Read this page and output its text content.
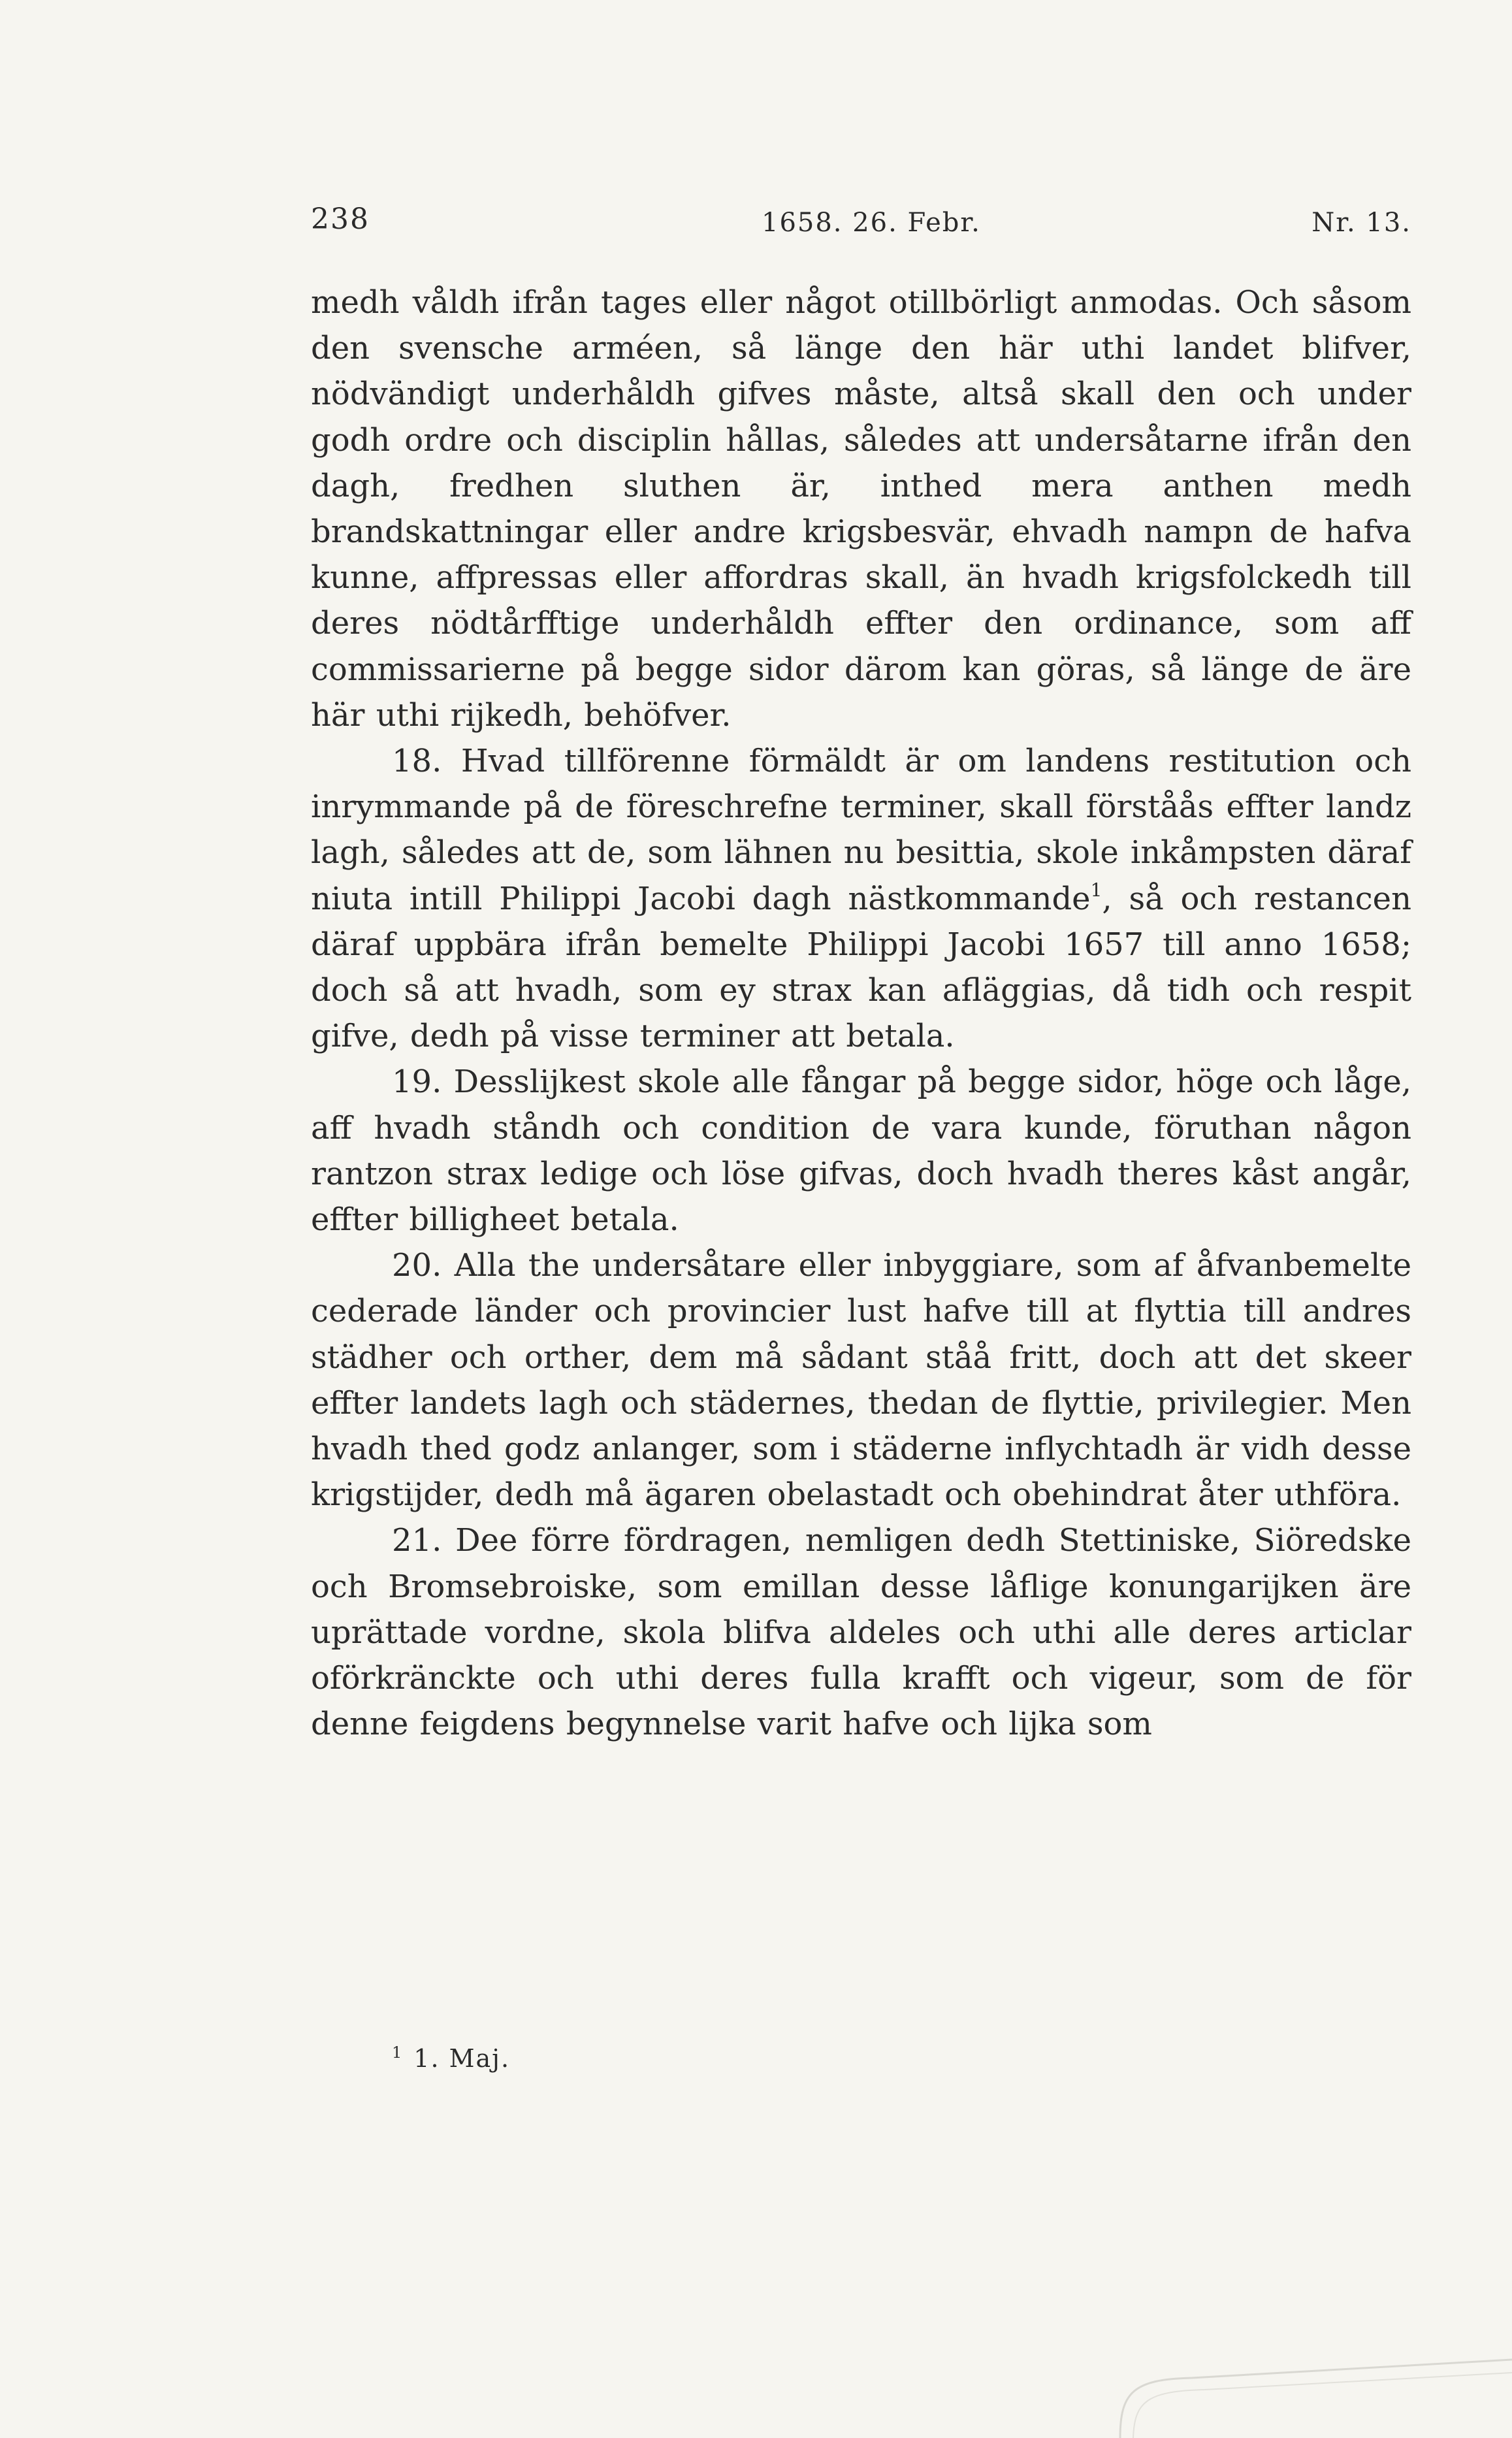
238	1658. 26. Febr.	Nr. 13.

medh våldh ifrån tages eller något otillbörligt anmodas. Och såsom den svensche arméen, så länge den här uthi landet blifver, nödvändigt underhåldh gifves måste, altså skall den och under godh ordre och disciplin hållas, således att undersåtarne ifrån den dagh, fredhen sluthen är, inthed mera anthen medh brandskattningar eller andre krigsbesvär, ehvadh nampn de hafva kunne, affpressas eller affordras skall, än hvadh krigsfolckedh till deres nödtårfftige underhåldh effter den ordinance, som aff commissarierne på begge sidor därom kan göras, så länge de äre här uthi rijkedh, behöfver.

18. Hvad tillförenne förmäldt är om landens restitution och inrymmande på de föreschrefne terminer, skall förståås effter landz lagh, således att de, som lähnen nu besittia, skole inkåmpsten däraf niuta intill Philippi Jacobi dagh nästkommande$^1$, så och restancen däraf uppbära ifrån bemelte Philippi Jacobi 1657 till anno 1658; doch så att hvadh, som ey strax kan afläggias, då tidh och respit gifve, dedh på visse terminer att betala.

19. Desslijkest skole alle fångar på begge sidor, höge och låge, aff hvadh ståndh och condition de vara kunde, föruthan någon rantzon strax ledige och löse gifvas, doch hvadh theres kåst angår, effter billigheet betala.

20. Alla the undersåtare eller inbyggiare, som af åfvanbemelte cederade länder och provincier lust hafve till at flyttia till andres städher och orther, dem må sådant ståå fritt, doch att det skeer effter landets lagh och städernes, thedan de flyttie, privilegier. Men hvadh thed godz anlanger, som i städerne inflychtadh är vidh desse krigstijder, dedh må ägaren obelastadt och obehindrat åter uthföra.

21. Dee förre fördragen, nemligen dedh Stettiniske, Siöredske och Bromsebroiske, som emillan desse låflige konungarijken äre uprättade vordne, skola blifva aldeles och uthi alle deres articlar oförkränckte och uthi deres fulla krafft och vigeur, som de för denne feigdens begynnelse varit hafve och lijka som

$^1$ 1. Maj.
